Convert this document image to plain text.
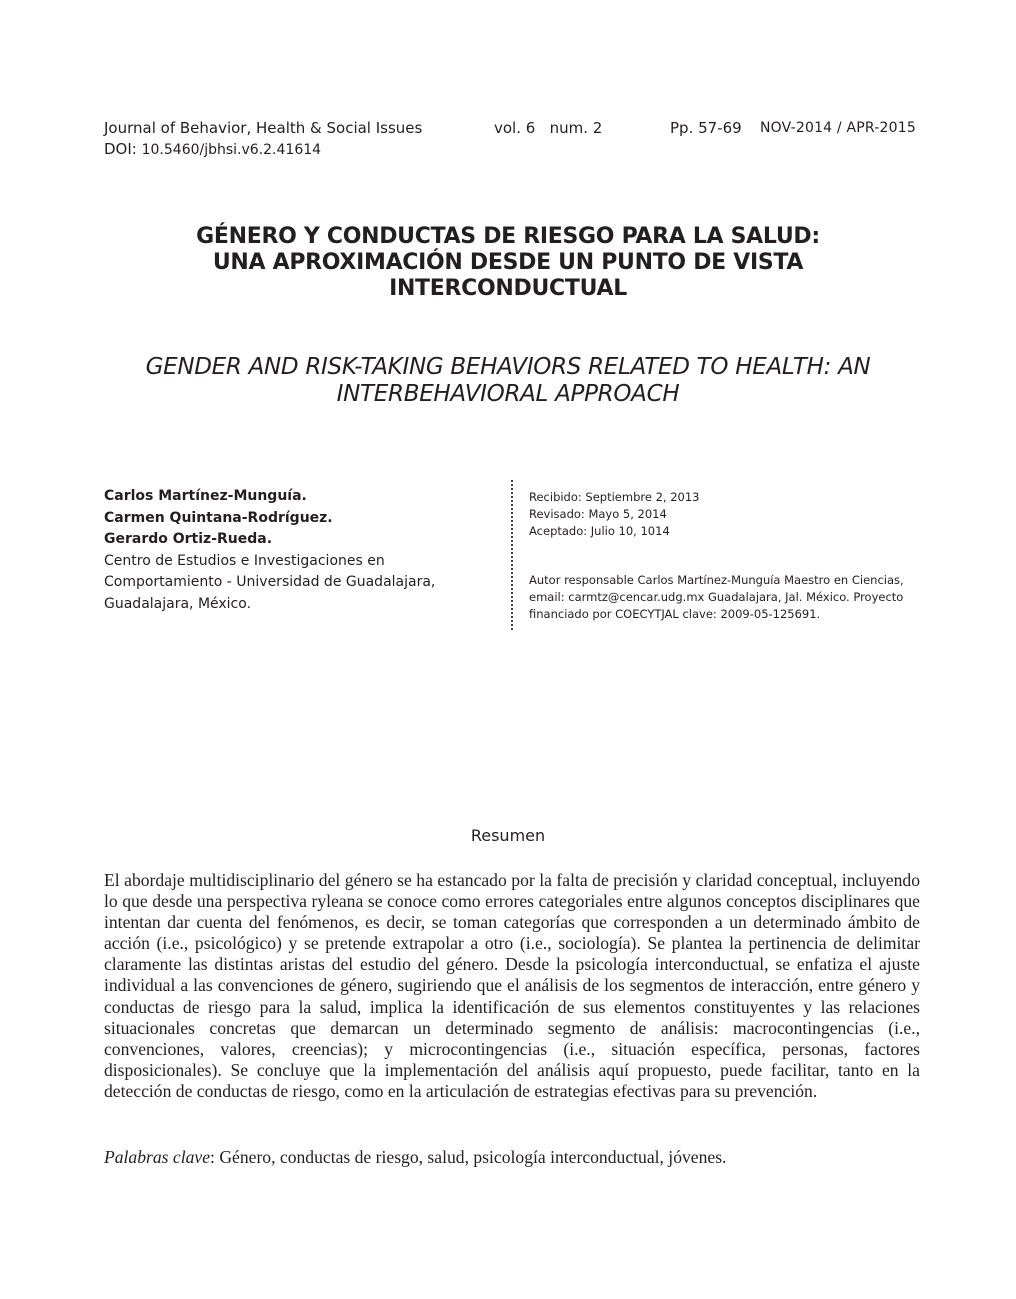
Journal of Behavior, Health & Social Issues	vol. 6   num. 2	Pp. 57-69 NOV-2014 / APR-2015
DOI: 10.5460/jbhsi.v6.2.41614
GÉNERO Y CONDUCTAS DE RIESGO PARA LA SALUD:
UNA APROXIMACIÓN DESDE UN PUNTO DE VISTA
INTERCONDUCTUAL
GENDER AND RISK-TAKING BEHAVIORS RELATED TO HEALTH: AN
INTERBEHAVIORAL APPROACH
Carlos Martínez-Munguía.
Carmen Quintana-Rodríguez.
Gerardo Ortiz-Rueda.
Centro de Estudios e Investigaciones en Comportamiento - Universidad de Guadalajara, Guadalajara, México.
Recibido: Septiembre 2, 2013
Revisado: Mayo 5, 2014
Aceptado: Julio 10, 1014
Autor responsable Carlos Martínez-Munguía Maestro en Ciencias, email: carmtz@cencar.udg.mx Guadalajara, Jal. México. Proyecto financiado por COECYTJAL clave: 2009-05-125691.
Resumen
El abordaje multidisciplinario del género se ha estancado por la falta de precisión y claridad conceptual, incluyendo lo que desde una perspectiva ryleana se conoce como errores categoriales entre algunos conceptos disciplinares que intentan dar cuenta del fenómenos, es decir, se toman categorías que corresponden a un determinado ámbito de acción (i.e., psicológico) y se pretende extrapolar a otro (i.e., sociología). Se plantea la pertinencia de delimitar claramente las distintas aristas del estudio del género. Desde la psicología interconductual, se enfatiza el ajuste individual a las convenciones de género, sugiriendo que el análisis de los segmentos de interacción, entre género y conductas de riesgo para la salud, implica la identificación de sus elementos constituyentes y las relaciones situacionales concretas que demarcan un determinado segmento de análisis: macrocontingencias (i.e., convenciones, valores, creencias); y microcontingencias (i.e., situación específica, personas, factores disposicionales). Se concluye que la implementación del análisis aquí propuesto, puede facilitar, tanto en la detección de conductas de riesgo, como en la articulación de estrategias efectivas para su prevención.
Palabras clave: Género, conductas de riesgo, salud, psicología interconductual, jóvenes.
